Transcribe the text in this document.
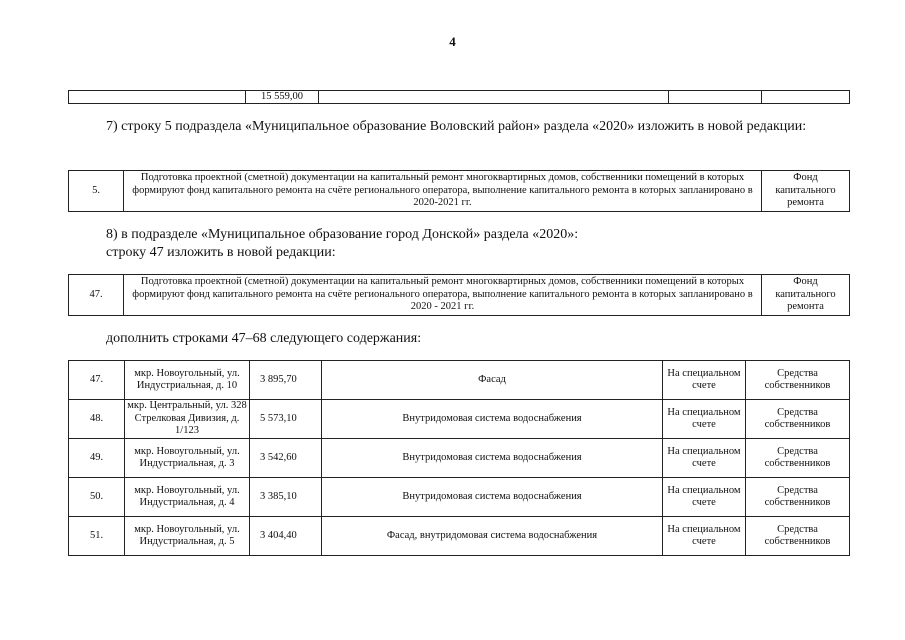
4
	15 559,00			
7) строку 5 подраздела «Муниципальное образование Воловский район» раздела «2020» изложить в новой редакции:
5.	Подготовка проектной (сметной) документации на капитальный ремонт многоквартирных домов, собственники помещений в которых формируют фонд капитального ремонта на счёте регионального оператора, выполнение капитального ремонта в которых запланировано в 2020-2021 гг.	Фонд капитального ремонта
8) в подразделе «Муниципальное образование город Донской» раздела «2020»:
строку 47 изложить в новой редакции:
47.	Подготовка проектной (сметной) документации на капитальный ремонт многоквартирных домов, собственники помещений в которых формируют фонд капитального ремонта на счёте регионального оператора, выполнение капитального ремонта в которых запланировано в 2020 - 2021 гг.	Фонд капитального ремонта
дополнить строками 47–68 следующего содержания:
47.	мкр. Новоугольный, ул. Индустриальная, д. 10	3 895,70	Фасад	На специальном счете	Средства собственников
48.	мкр. Центральный, ул. 328 Стрелковая Дивизия, д. 1/123	5 573,10	Внутридомовая система водоснабжения	На специальном счете	Средства собственников
49.	мкр. Новоугольный, ул. Индустриальная, д. 3	3 542,60	Внутридомовая система водоснабжения	На специальном счете	Средства собственников
50.	мкр. Новоугольный, ул. Индустриальная, д. 4	3 385,10	Внутридомовая система водоснабжения	На специальном счете	Средства собственников
51.	мкр. Новоугольный, ул. Индустриальная, д. 5	3 404,40	Фасад, внутридомовая система водоснабжения	На специальном счете	Средства собственников
